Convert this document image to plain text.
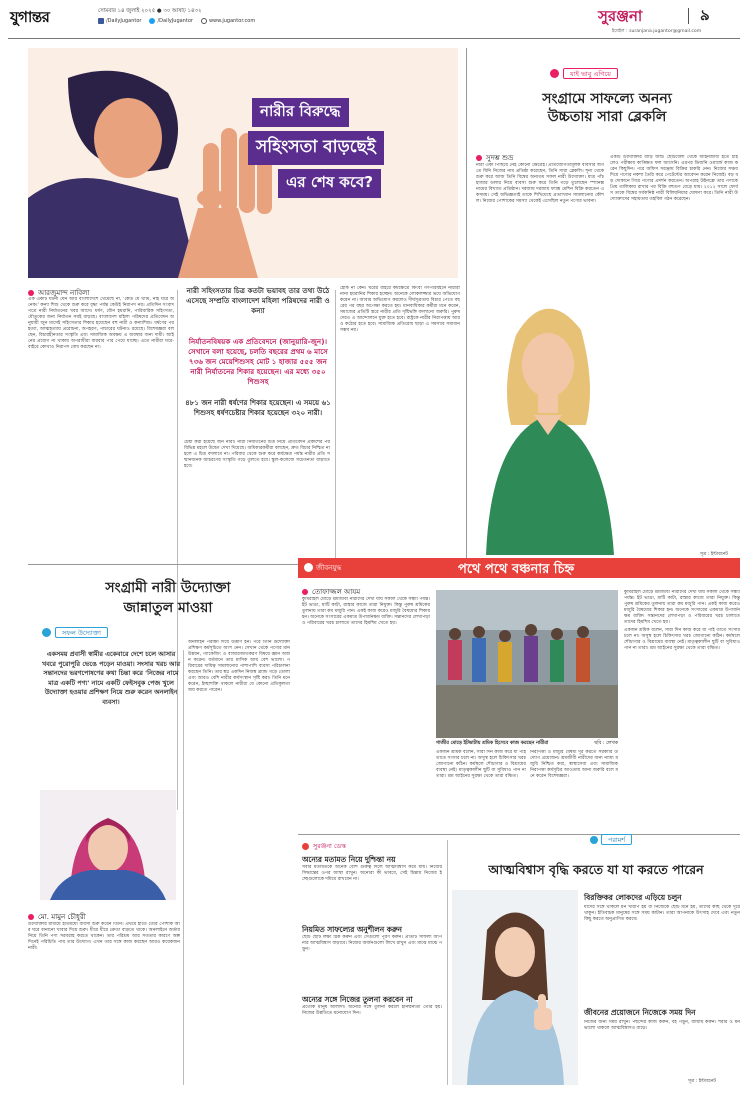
যুগান্তর	সোমবার ১৪ জুলাই ২০২৫ ● ৩০ আষাঢ় ১৪৩২
/DailyJugantor	/DailyJugantor	www.jugantor.com	সুরঞ্জনা	৯
ইমেইল : suranjana.jugantor@gmail.com
নারীর বিরুদ্ধে সহিংসতা বাড়ছেই এর শেষ কবে?
আরজুমান্দ নাবিলা

এক একটি ঘটনা যেন আর বাংলাদেশে থেমেছে না, 'কেউ যে থামি, নাই ঘরে অনেক।' কন্যা শিশু থেকে শুরু করে বৃদ্ধা পর্যন্ত কেউই নিরাপদ নয়। প্রতিদিন সংবাদপত্রে নারী নির্যাতনের খবর আসে। ধর্ষণ, যৌন হয়রানি, পারিবারিক সহিংসতা, যৌতুকের জন্য নির্যাতন সবই বাড়ছে। বাংলাদেশ মহিলা পরিষদের প্রতিবেদন অনুযায়ী জুন মাসেই সহিংসতার শিকার হয়েছেন বহু নারী ও কন্যাশিশু। ধর্ষণের পর হত্যা, আত্মহত্যায় প্ররোচনা, অপহরণ, পাচারের ঘটনাও রয়েছে। বিশেষজ্ঞরা বলছেন, বিচারহীনতার সংস্কৃতি এবং সামাজিক অবক্ষয় এ অবস্থার জন্য দায়ী। আইনের প্রয়োগ না থাকায় অপরাধীরা বারবার পার পেয়ে যাচ্ছে। এতে নারীরা ঘরে-বাইরে কোথাও নিরাপদ বোধ করছেন না।

নারী সহিংসতার চিত্র কতটা ভয়াবহ তার তথ্য উঠে এসেছে সম্প্রতি বাংলাদেশ মহিলা পরিষদের নারী ও কন্যা
নির্যাতনবিষয়ক এক প্রতিবেদনে (জানুয়ারি-জুন)। সেখানে বলা হয়েছে, চলতি বছরের প্রথম ৬ মাসে ৭৩৬ জন মেয়েশিশুসহ মোট ১ হাজার ৫৫৫ জন নারী নির্যাতনের শিকার হয়েছেন। এর মধ্যে ৩৫০ শিশুসহ
৪৮১ জন নারী ধর্ষণের শিকার হয়েছেন। এ সময়ে ৬১ শিশুসহ ধর্ষণচেষ্টার শিকার হয়েছেন ৩২০ নারী।

চেষ্টা করা হয়েছে জন নারী। নারী নির্যাতনের চিত্র নিয়ে প্রতিবেদন প্রকাশের পর বিভিন্ন মহলে উদ্বেগ দেখা দিয়েছে। অধিকারকর্মীরা বলছেন, দ্রুত বিচার নিশ্চিত না হলে এ চিত্র বদলাবে না। পরিবার থেকে শুরু করে কর্মক্ষেত্র পর্যন্ত নারীর প্রতি সম্মানজনক আচরণের সংস্কৃতি গড়ে তুলতে হবে। স্কুল-কলেজে সচেতনতা বাড়াতে হবে।

হোক না কেন। ঘরের বাইরে কর্মক্ষেত্রে কিংবা গণপরিবহনে নারীরা নানা হয়রানির শিকার হচ্ছেন। অনেকে লোকলজ্জার ভয়ে অভিযোগ করেন না। আবার অভিযোগ করলেও দীর্ঘসূত্রতায় বিচার পেতে বছরের পর বছর অপেক্ষা করতে হয়। মানবাধিকার কর্মীরা মনে করেন, সমাজের প্রতিটি স্তরে নারীর প্রতি দৃষ্টিভঙ্গি বদলানো জরুরি। পুরুষদেরও এ আন্দোলনে যুক্ত হতে হবে। রাষ্ট্রকে নারীর নিরাপত্তায় আরও কঠোর হতে হবে। সামাজিক প্রতিরোধ ছাড়া এ সমস্যার সমাধান সম্ভব নয়।

যাই ভাবু এগিয়ে
সংগ্রামে সাফল্যে অনন্য
উচ্চতায় সারা ব্লেকলি
সুদম্ভ শুভ্র

নারী একা পিছিয়ে নেই কোনো ক্ষেত্রেই। প্রতিযোগিতামূলক ব্যবসার জগতে যিনি নিজের নাম প্রতিষ্ঠা করেছেন, তিনি সারা ব্লেকলি। শূন্য থেকে শুরু করে আজ তিনি বিশ্বের অন্যতম সফল নারী উদ্যোক্তা। মাত্র পাঁচ হাজার ডলার নিয়ে ব্যবসা শুরু করে তিনি গড়ে তুলেছেন স্প্যানক্স নামের বিখ্যাত প্রতিষ্ঠান। দরজায় দরজায় ফ্যাক্স মেশিন বিক্রি করতেন একসময়। সেই অভিজ্ঞতাই তাকে শিখিয়েছে প্রত্যাখ্যান সামলানোর কৌশল। নিজের পোশাকের সমস্যা থেকেই এসেছিল নতুন পণ্যের ভাবনা।

একটি উদ্যোক্তার বাড়ি জন্ম। ছোটবেলা থেকে আইনজীবী হতে চাইলেও পরীক্ষায় কাঙ্ক্ষিত ফল আসেনি। এরপর ডিজনি ওয়ার্ল্ডে কাজ করেন কিছুদিন। পরে অফিস সরঞ্জাম বিক্রির চাকরি নেন। নিজের সঞ্চয় দিয়ে পণ্যের নকশা তৈরি করে পেটেন্টের আবেদন করেন নিজেই। বড় বড় দোকানে গিয়ে পণ্যের প্রদর্শন করতেন। অপরাহ উইনফ্রে তার পণ্যকে প্রিয় তালিকায় রাখার পর বিক্রি বহুগুণ বেড়ে যায়। ২০১২ সালে ফোর্বস তাকে বিশ্বের সর্বকনিষ্ঠ নারী বিলিয়নিয়ার ঘোষণা করে। তিনি নারী উদ্যোক্তাদের সহায়তায় তহবিল গঠন করেছেন।

সূত্র : ইন্টারনেট
সংগ্রামী নারী উদ্যোক্তা
জান্নাতুল মাওয়া
সফল উদ্যোক্তা
একসময় প্রবাসী স্বামীর একেবারে দেশে চলে আসার খবরে পুরোপুরি ভেঙে পড়েন মাওয়া। সংসার খরচ আর সন্তানদের ভরণপোষণের কথা চিন্তা করে 'নিজের নামে মাত্র একটি পণ্য' নামে একটি ফেইসবুক পেজ খুলে উদ্যোক্তা হওয়ার প্রশিক্ষণ নিয়ে শুরু করেন অনলাইন ব্যবসা।
মো. মামুন চৌধুরী

উদ্যোক্তার মাধ্যমে ইতিমধ্যে ব্যবসা শুরু করেন তিনি। প্রথমে হাতে তৈরি পোশাক আর ঘরে বানানো খাবার দিয়ে শুরু। ধীরে ধীরে ক্রেতা বাড়তে থাকে। অনলাইনে অর্ডার নিয়ে তিনি পণ্য সরবরাহ করতে থাকেন। তার পরিশ্রম আর সততার কারণে অল্প দিনেই পরিচিতি পায় তার উদ্যোগ। এখন তার সঙ্গে কাজ করছেন আরও কয়েকজন নারী।

অনলাইন পরীক্ষা দিয়ে উত্তীর্ণ হন। পরে তিনি উদ্যোক্তা প্রশিক্ষণ কর্মসূচিতে অংশ নেন। সেখান থেকে পণ্যের মান উন্নয়ন, প্যাকেজিং ও বাজারজাতকরণ বিষয়ে জ্ঞান অর্জন করেন। বর্তমানে তার মাসিক আয় বেশ ভালো। পরিবারের দায়িত্ব সামলানোর পাশাপাশি ব্যবসা পরিচালনা করছেন তিনি। তার স্বপ্ন একদিন নিজস্ব ব্র্যান্ড গড়ে তোলা এবং আরও বেশি নারীর কর্মসংস্থান সৃষ্টি করা। তিনি মনে করেন, ইচ্ছাশক্তি থাকলে নারীরা যে কোনো প্রতিকূলতা জয় করতে পারেন।

জীবনযুদ্ধ	পথে পথে বঞ্চনার চিহ্ন
তোফাজ্জল আযম

কুমিরাইল মোড়ে শ্রমজীবী নারীদের দেখা যায় সকাল থেকে সন্ধ্যা পর্যন্ত। ইট ভাঙা, মাটি কাটা, রাস্তার কাজে তারা নিযুক্ত। কিন্তু পুরুষ শ্রমিকের তুলনায় তারা কম মজুরি পান। একই কাজ করেও মজুরি বৈষম্যের শিকার হন। অনেকে সংসারের একমাত্র উপার্জনক্ষম ব্যক্তি। সন্তানদের লেখাপড়া ও পরিবারের খরচ চালাতে তাদের হিমশিম খেতে হয়।

গাজীর মোড়ে ইটভাটায় শ্রমিক হিসেবে কাজ করছেন নারীরা	ছবি : লেখক

একজন শ্রমিক বলেন, সারা দিন কাজ করে যা পাই তাতে সংসার চলে না। অসুস্থ হলে চিকিৎসার খরচ জোগানো কঠিন। কর্মস্থলে শৌচাগার ও বিশ্রামের ব্যবস্থা নেই। মাতৃত্বকালীন ছুটি বা সুবিধাও পান না তারা। শ্রম আইনের সুরক্ষা থেকে তারা বঞ্চিত।

নিরাপত্তা ও মজুরি বৈষম্য দূর করতে সরকারি উদ্যোগ প্রয়োজন। শ্রমজীবী নারীদের জন্য ন্যায্য মজুরি নিশ্চিত করা, স্বাস্থ্যসেবা এবং সামাজিক নিরাপত্তা কর্মসূচির আওতায় আনা জরুরি বলে মনে করেন বিশেষজ্ঞরা।

কুমিরাইল মোড়ে শ্রমজীবী নারীদের দেখা যায় সকাল থেকে সন্ধ্যা পর্যন্ত। ইট ভাঙা, মাটি কাটা, রাস্তার কাজে তারা নিযুক্ত। কিন্তু পুরুষ শ্রমিকের তুলনায় তারা কম মজুরি পান। একই কাজ করেও মজুরি বৈষম্যের শিকার হন। অনেকে সংসারের একমাত্র উপার্জনক্ষম ব্যক্তি। সন্তানদের লেখাপড়া ও পরিবারের খরচ চালাতে তাদের হিমশিম খেতে হয়।

একজন শ্রমিক বলেন, সারা দিন কাজ করে যা পাই তাতে সংসার চলে না। অসুস্থ হলে চিকিৎসার খরচ জোগানো কঠিন। কর্মস্থলে শৌচাগার ও বিশ্রামের ব্যবস্থা নেই। মাতৃত্বকালীন ছুটি বা সুবিধাও পান না তারা। শ্রম আইনের সুরক্ষা থেকে তারা বঞ্চিত।

সুরঞ্জনা ডেস্ক
অন্যের মতামত নিয়ে দুশ্চিন্তা নয়
সবার মতামতকে অনেক বেশি গুরুত্ব দিলে আত্মবিশ্বাস কমে যায়। নিজের সিদ্ধান্তের ওপর আস্থা রাখুন। অন্যেরা কী ভাববে, সেই চিন্তায় নিজের ইচ্ছেগুলোকে দমিয়ে রাখবেন না।
নিয়মিত সাফল্যের অনুশীলন করুন
ছোট ছোট লক্ষ্য ঠিক করুন এবং সেগুলো পূরণ করুন। প্রতিটি সাফল্য আপনার আত্মবিশ্বাস বাড়াবে। নিজের অর্জনগুলো লিখে রাখুন এবং মাঝে মাঝে পড়ুন।
অন্যের সঙ্গে নিজের তুলনা করবেন না
প্রত্যেক মানুষ আলাদা। অন্যের সঙ্গে তুলনা করলে হীনম্মন্যতা তৈরি হয়। নিজের উন্নতিতে মনোযোগ দিন।
পরামর্শ
আত্মবিশ্বাস বৃদ্ধি করতে যা যা করতে পারেন
বিরক্তিকর লোকদের এড়িয়ে চলুন

যাদের সঙ্গে থাকলে মন খারাপ হয় বা নিজেকে ছোট মনে হয়, তাদের কাছ থেকে দূরে থাকুন। ইতিবাচক মানুষের সঙ্গে সময় কাটান। তারা আপনাকে উৎসাহ দেবে এবং নতুন কিছু করতে অনুপ্রাণিত করবে।

জীবনের প্রয়োজনে নিজেকে সময় দিন

নিজের জন্য সময় রাখুন। পছন্দের কাজ করুন, বই পড়ুন, ব্যায়াম করুন। শরীর ও মন ভালো থাকলে আত্মবিশ্বাসও বাড়ে।

সূত্র : ইন্টারনেট
